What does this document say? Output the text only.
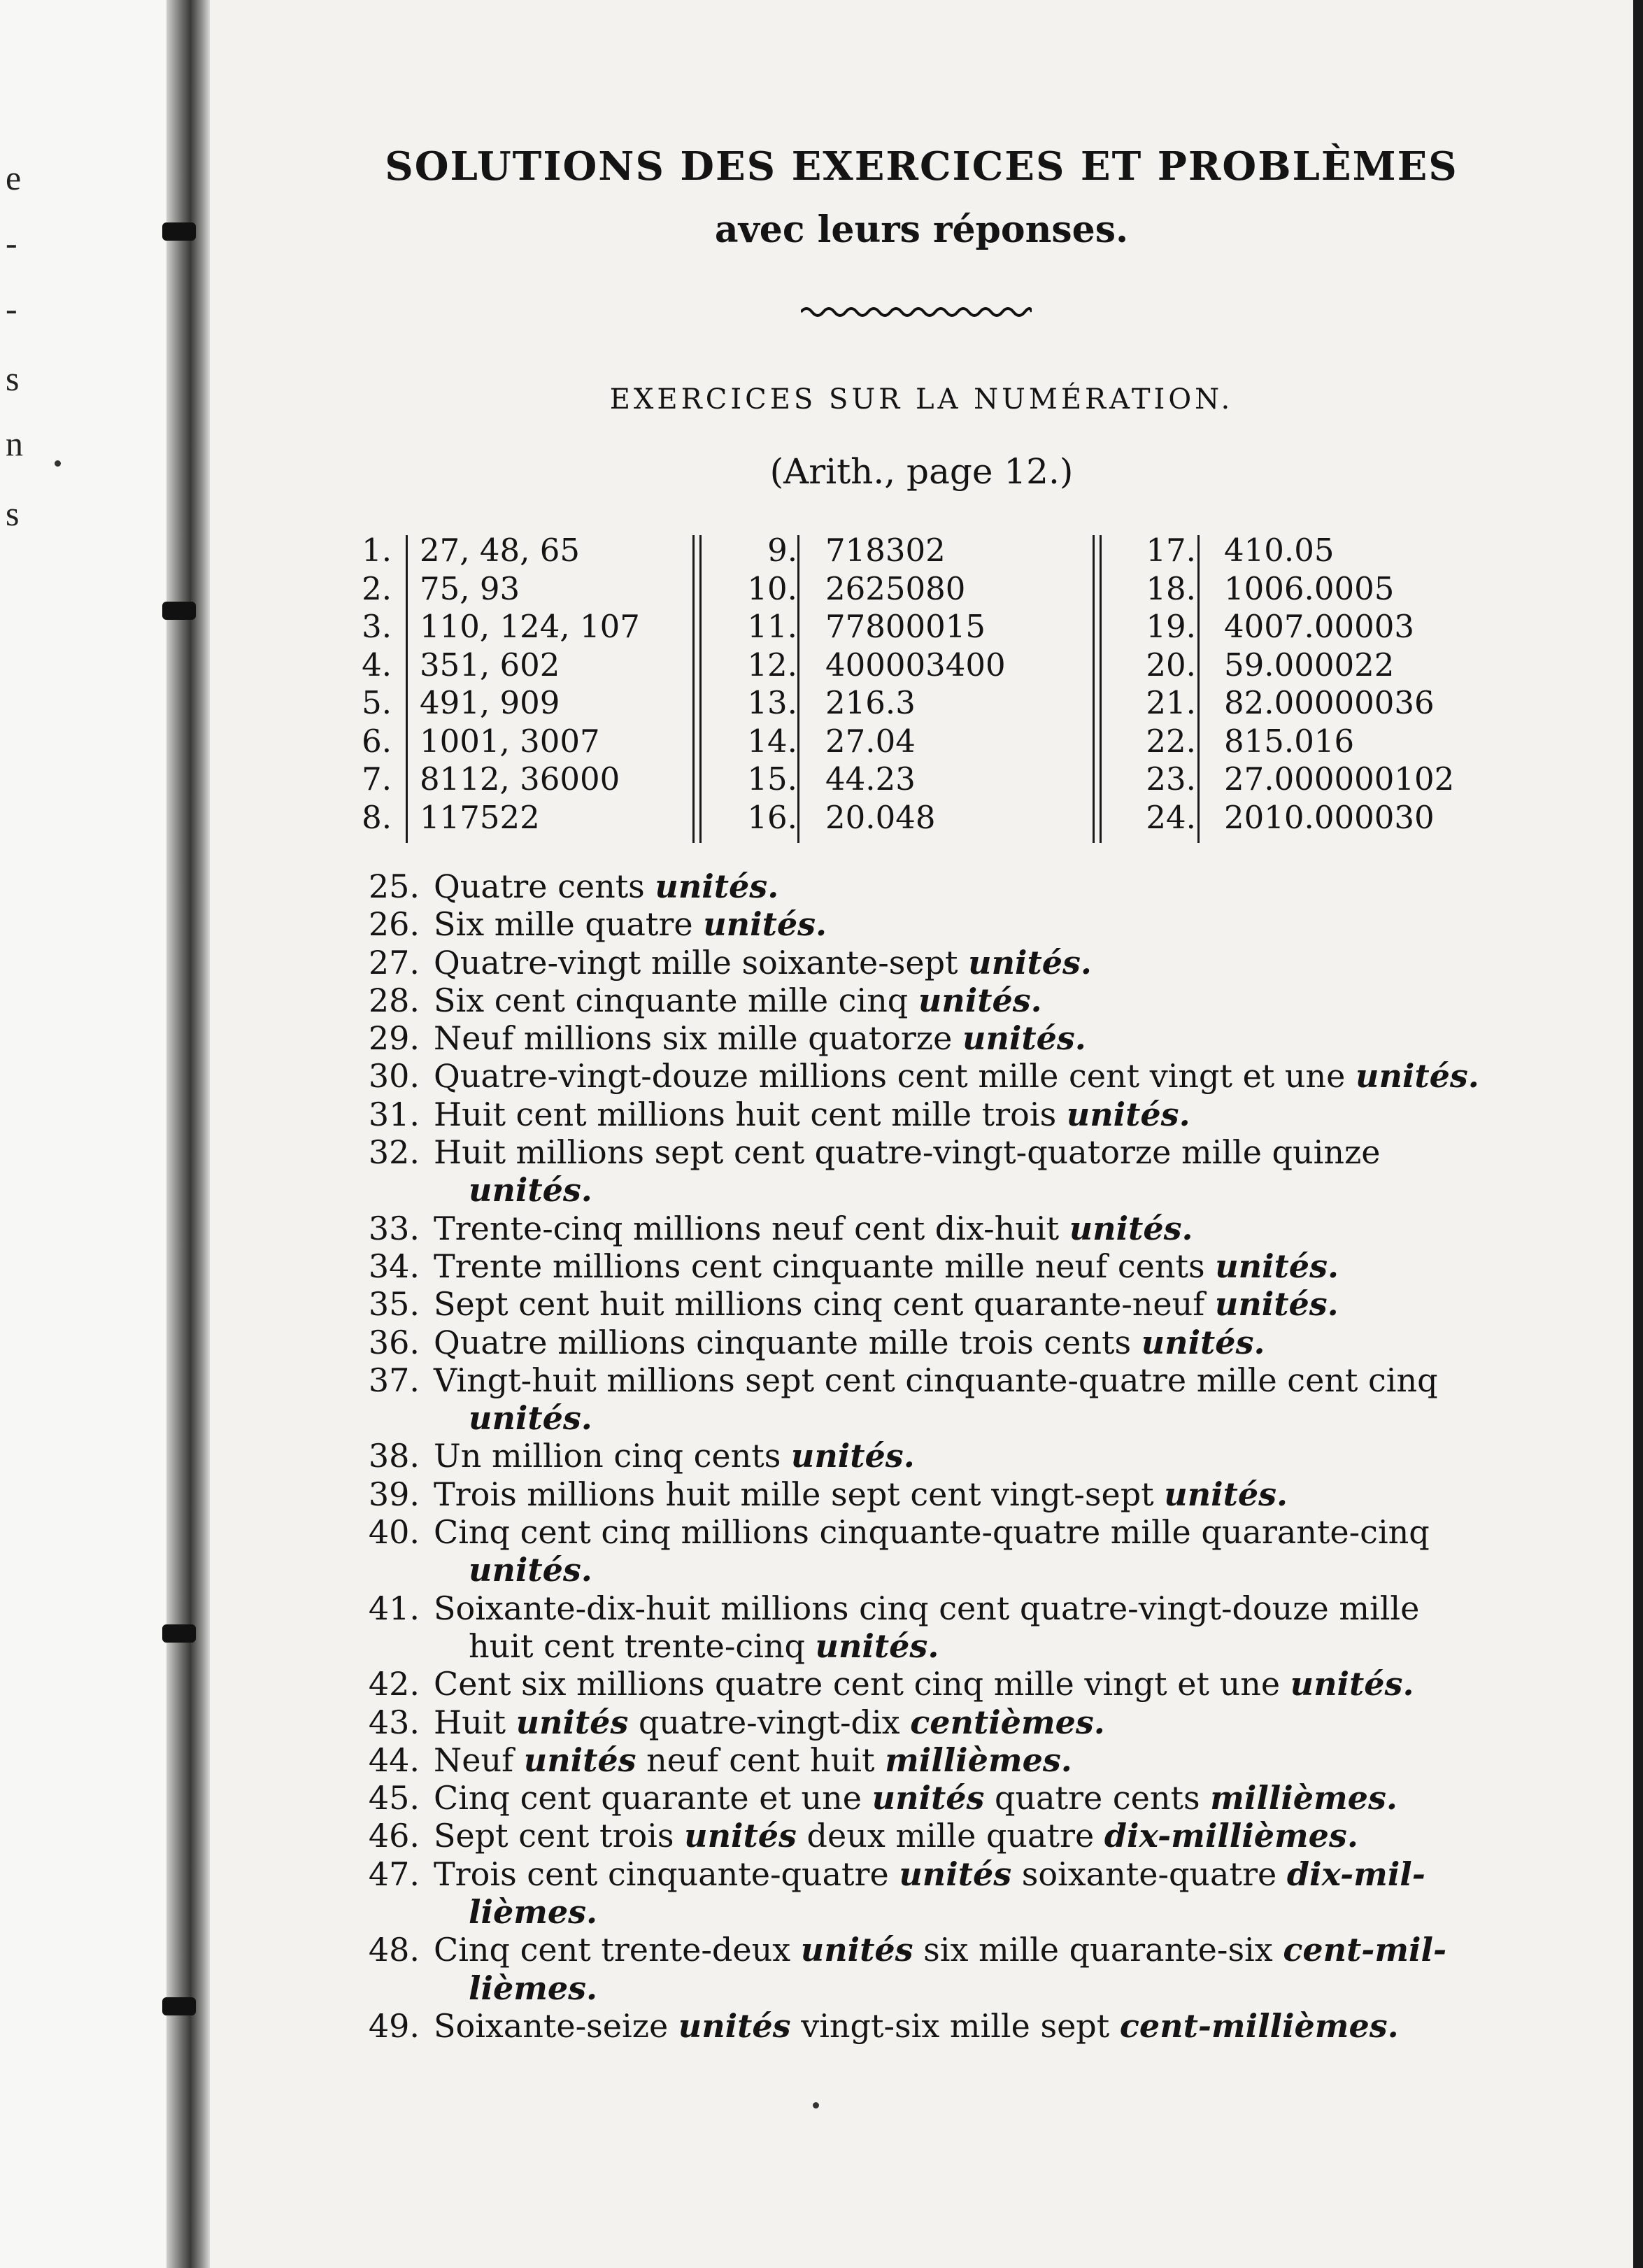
e
-
-
s
n
s
SOLUTIONS DES EXERCICES ET PROBLÈMES
avec leurs réponses.
EXERCICES SUR LA NUMÉRATION.
(Arith., page 12.)
1. 27, 48, 65
2. 75, 93
3. 110, 124, 107
4. 351, 602
5. 491, 909
6. 1001, 3007
7. 8112, 36000
8. 117522
9. 718302
10. 2625080
11. 77800015
12. 400003400
13. 216.3
14. 27.04
15. 44.23
16. 20.048
17. 410.05
18. 1006.0005
19. 4007.00003
20. 59.000022
21. 82.00000036
22. 815.016
23. 27.000000102
24. 2010.000030
25. Quatre cents unités.
26. Six mille quatre unités.
27. Quatre-vingt mille soixante-sept unités.
28. Six cent cinquante mille cinq unités.
29. Neuf millions six mille quatorze unités.
30. Quatre-vingt-douze millions cent mille cent vingt et une unités.
31. Huit cent millions huit cent mille trois unités.
32. Huit millions sept cent quatre-vingt-quatorze mille quinze
unités.
33. Trente-cinq millions neuf cent dix-huit unités.
34. Trente millions cent cinquante mille neuf cents unités.
35. Sept cent huit millions cinq cent quarante-neuf unités.
36. Quatre millions cinquante mille trois cents unités.
37. Vingt-huit millions sept cent cinquante-quatre mille cent cinq
unités.
38. Un million cinq cents unités.
39. Trois millions huit mille sept cent vingt-sept unités.
40. Cinq cent cinq millions cinquante-quatre mille quarante-cinq
unités.
41. Soixante-dix-huit millions cinq cent quatre-vingt-douze mille
huit cent trente-cinq unités.
42. Cent six millions quatre cent cinq mille vingt et une unités.
43. Huit unités quatre-vingt-dix centièmes.
44. Neuf unités neuf cent huit millièmes.
45. Cinq cent quarante et une unités quatre cents millièmes.
46. Sept cent trois unités deux mille quatre dix-millièmes.
47. Trois cent cinquante-quatre unités soixante-quatre dix-mil-
lièmes.
48. Cinq cent trente-deux unités six mille quarante-six cent-mil-
lièmes.
49. Soixante-seize unités vingt-six mille sept cent-millièmes.
